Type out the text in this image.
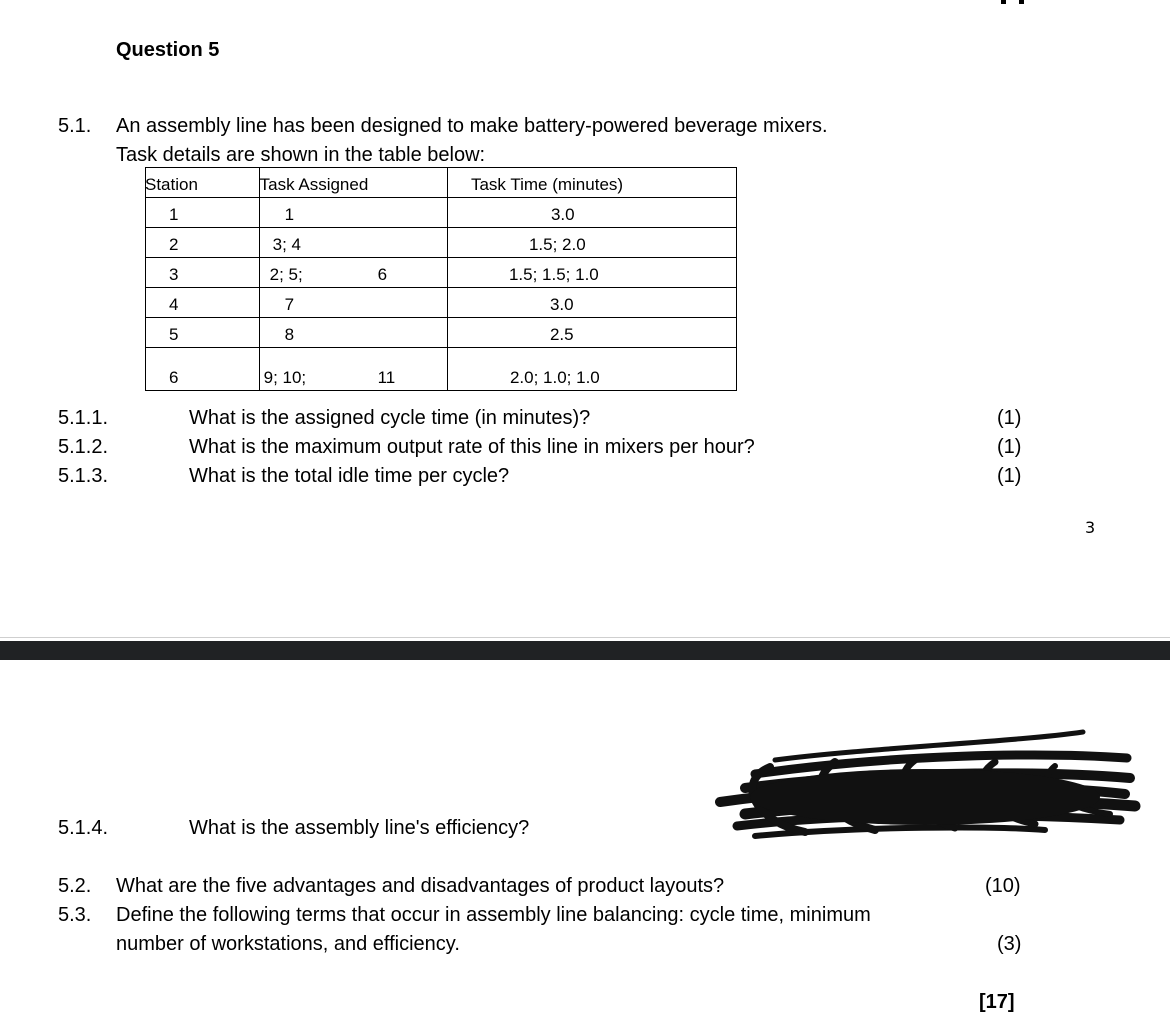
Question 5
5.1. An assembly line has been designed to make battery-powered beverage mixers.
Task details are shown in the table below:
Station	Task Assigned	Task Time (minutes)

1	1	3.0

2	3; 4	1.5; 2.0

3	2; 5; 6	1.5; 1.5; 1.0

4	7	3.0

5	8	2.5

6	9; 10; 11	2.0; 1.0; 1.0
5.1.1.	What is the assigned cycle time (in minutes)?	(1)
5.1.2.	What is the maximum output rate of this line in mixers per hour?	(1)
5.1.3.	What is the total idle time per cycle?	(1)
3
5.1.4.	What is the assembly line's efficiency?
5.2. What are the five advantages and disadvantages of product layouts?	(10)
5.3. Define the following terms that occur in assembly line balancing: cycle time, minimum
number of workstations, and efficiency.	(3)
[17]
